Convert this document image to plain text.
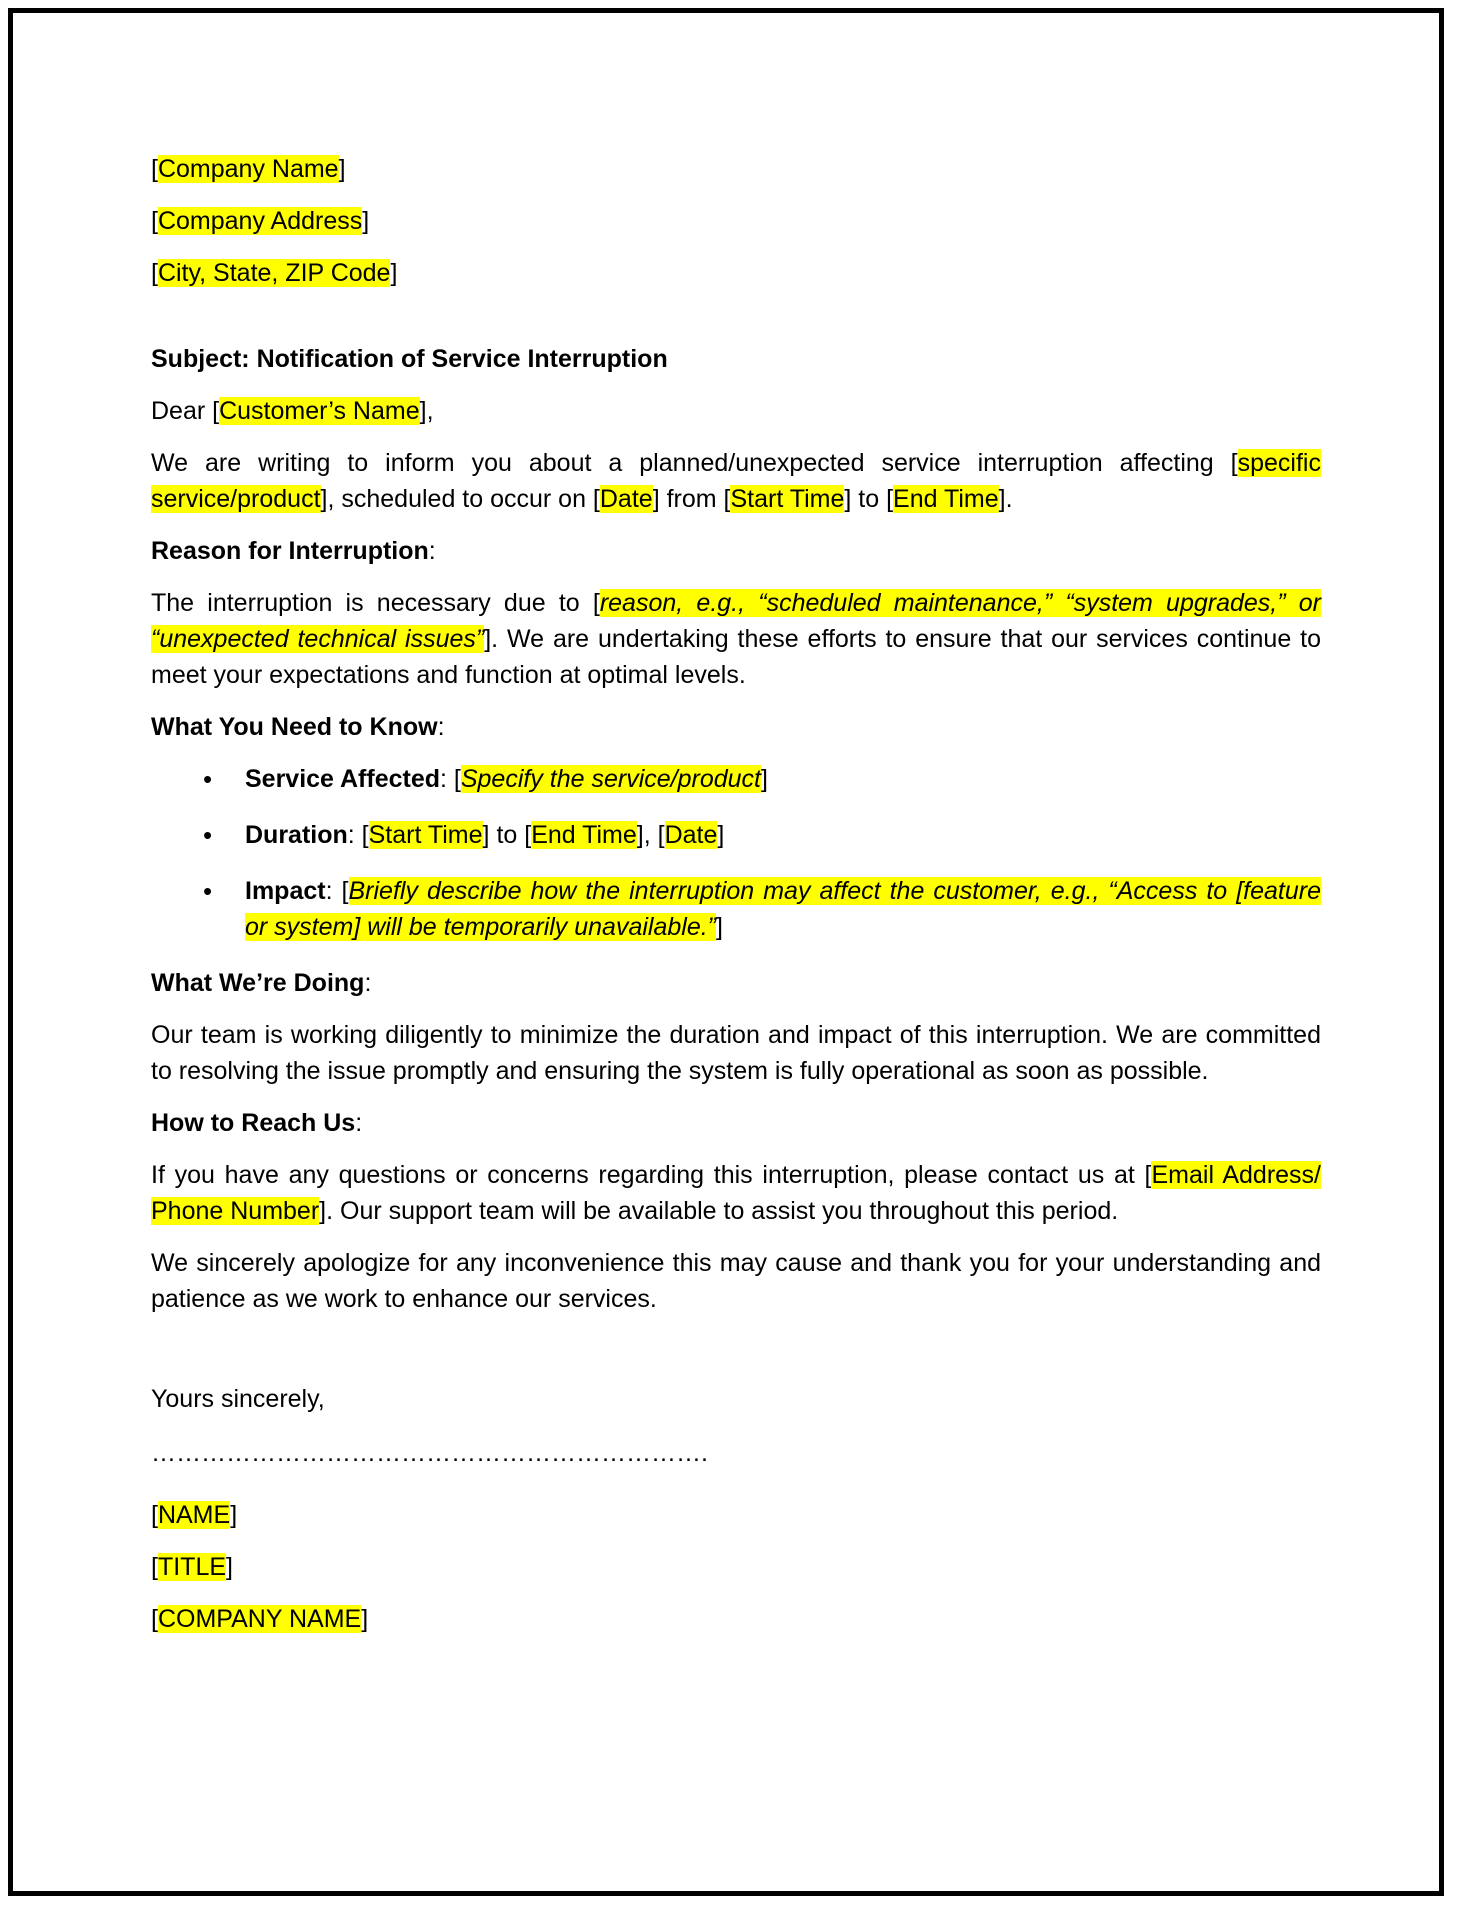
[Company Name]

[Company Address]

[City, State, ZIP Code]

Subject: Notification of Service Interruption

Dear [Customer’s Name],

We are writing to inform you about a planned/unexpected service interruption affecting [specific service/product], scheduled to occur on [Date] from [Start Time] to [End Time].

Reason for Interruption:

The interruption is necessary due to [reason, e.g., “scheduled maintenance,” “system upgrades,” or “unexpected technical issues”]. We are undertaking these efforts to ensure that our services continue to meet your expectations and function at optimal levels.

What You Need to Know:

• Service Affected: [Specify the service/product]
• Duration: [Start Time] to [End Time], [Date]
• Impact: [Briefly describe how the interruption may affect the customer, e.g., “Access to [feature or system] will be temporarily unavailable.”]

What We’re Doing:

Our team is working diligently to minimize the duration and impact of this interruption. We are committed to resolving the issue promptly and ensuring the system is fully operational as soon as possible.

How to Reach Us:

If you have any questions or concerns regarding this interruption, please contact us at [Email Address/ Phone Number]. Our support team will be available to assist you throughout this period.

We sincerely apologize for any inconvenience this may cause and thank you for your understanding and patience as we work to enhance our services.

Yours sincerely,

………………………………………………………….

[NAME]

[TITLE]

[COMPANY NAME]
